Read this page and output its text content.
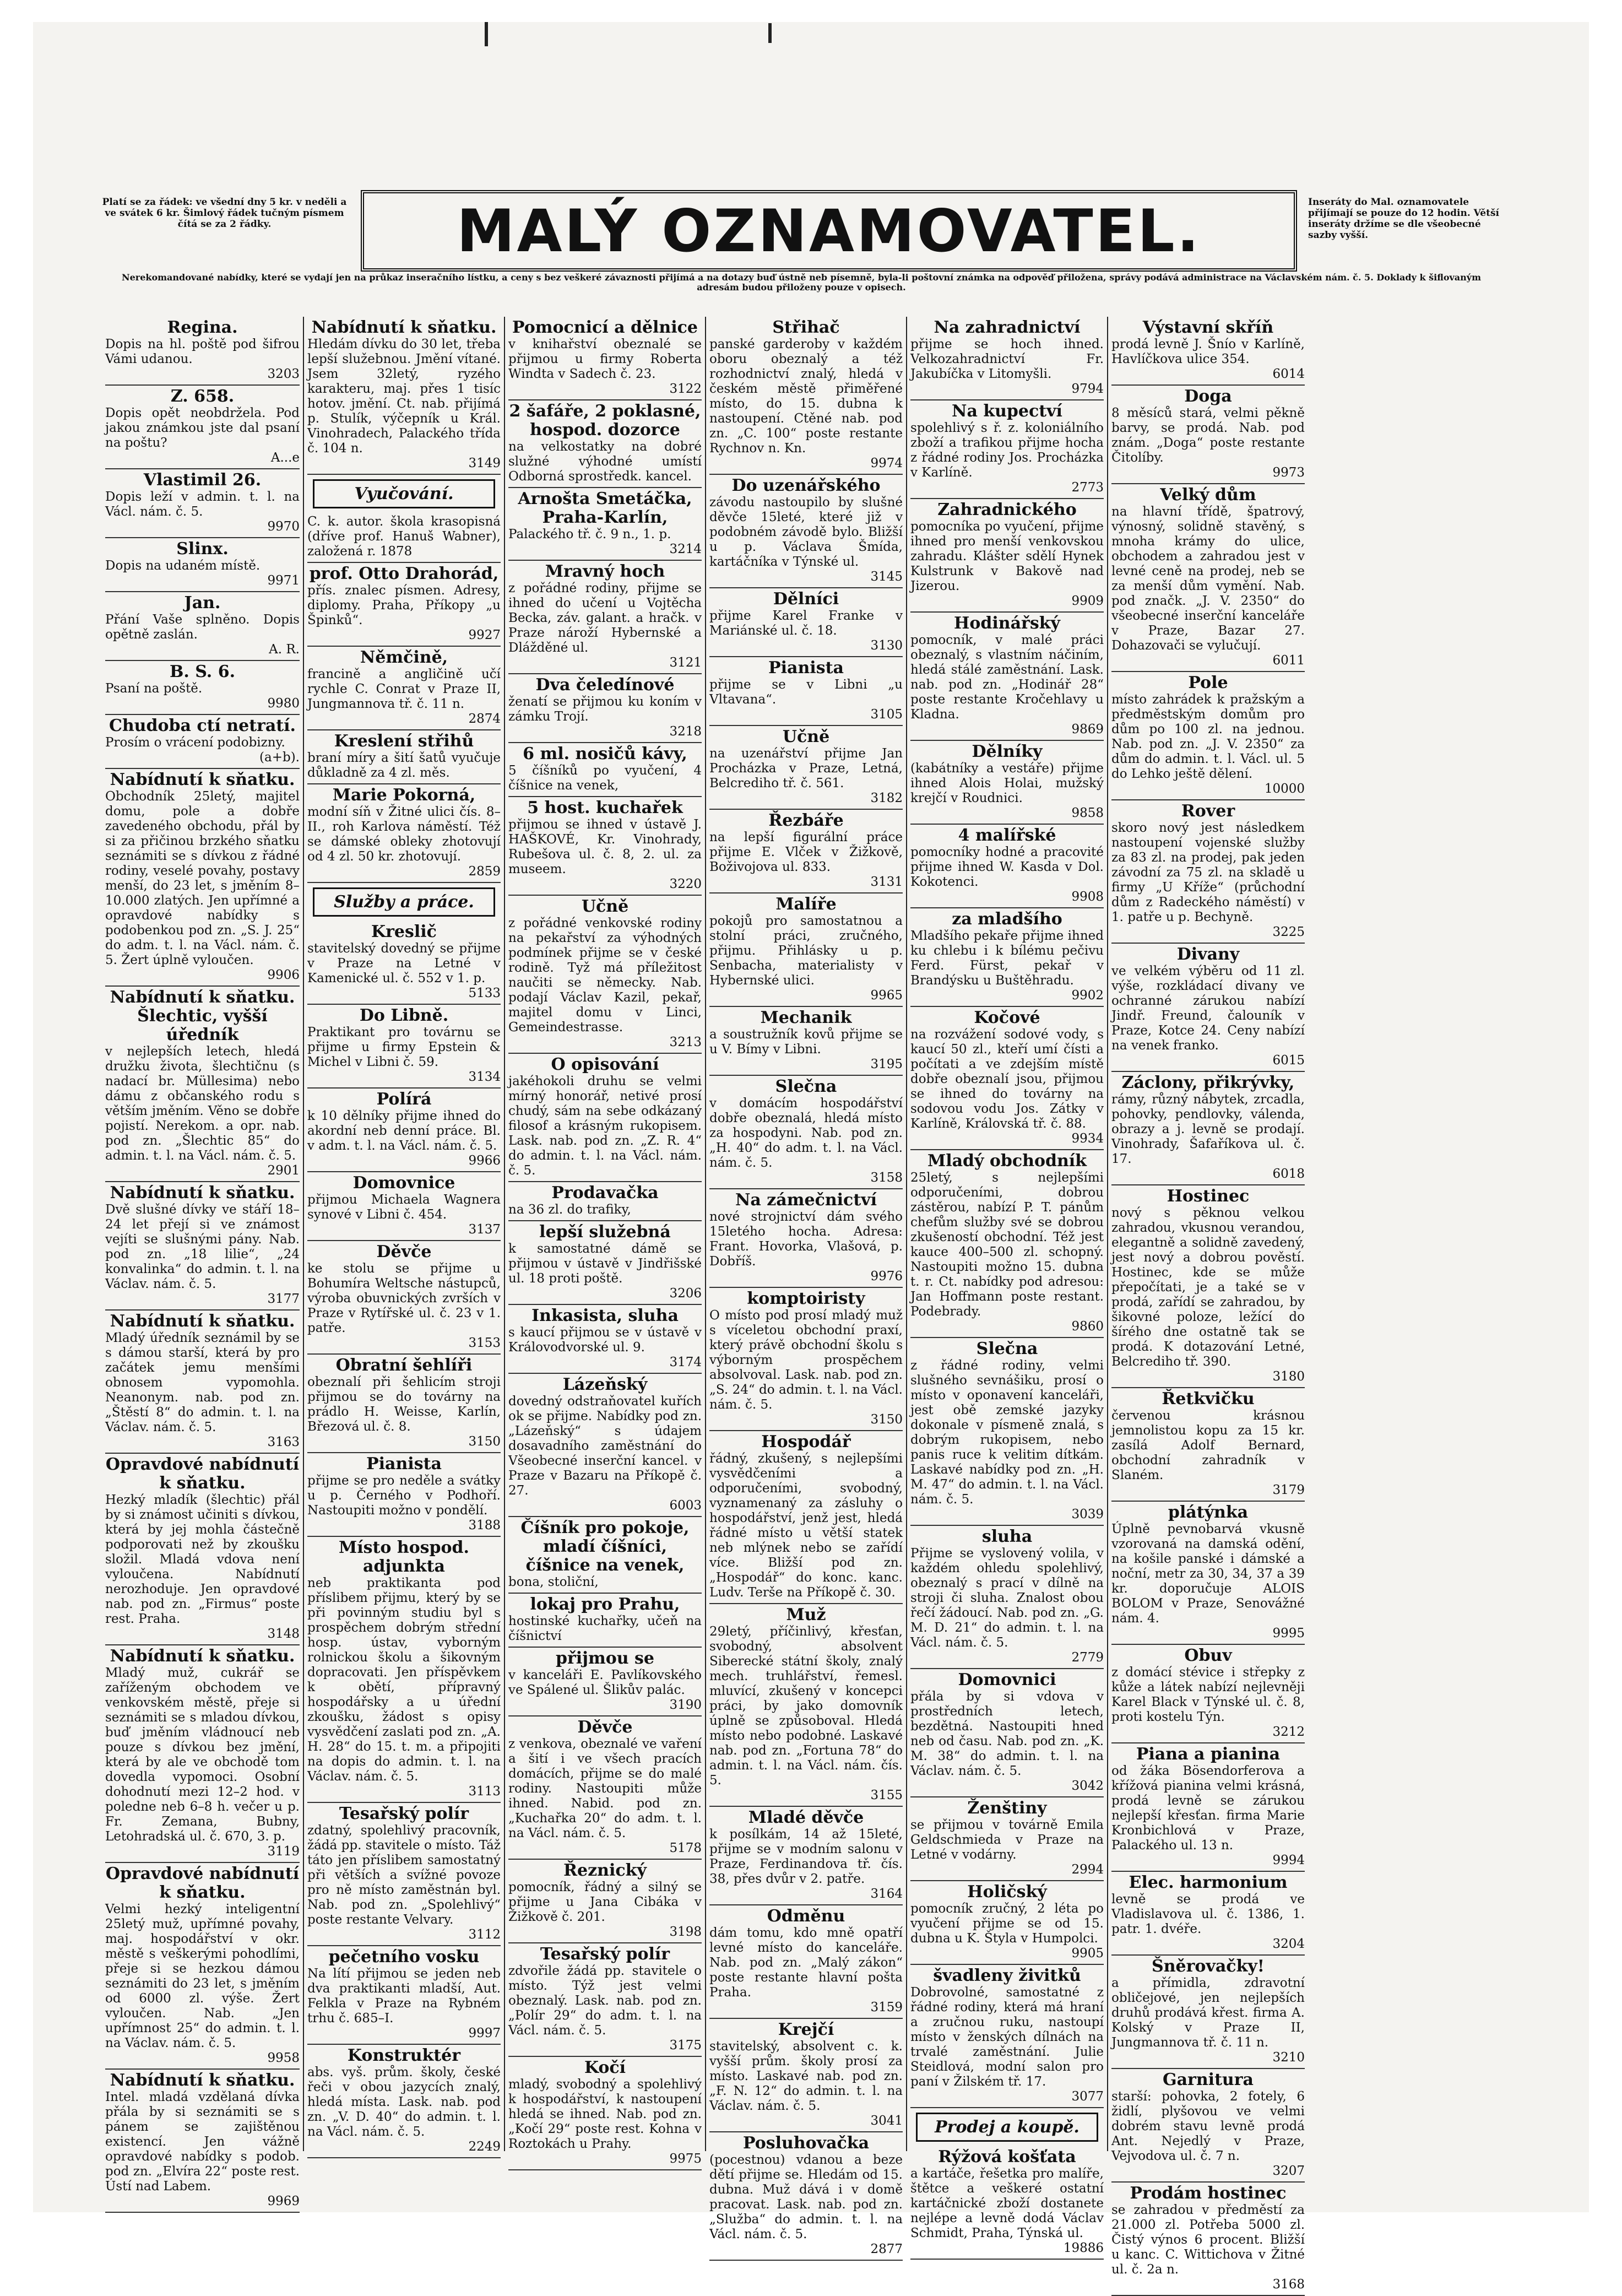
Platí se za řádek: ve všední dny 5 kr. v neděli a ve svátek 6 kr. Šimlový řádek tučným písmem čítá se za 2 řádky.	MALÝ OZNAMOVATEL.	Inseráty do Mal. oznamovatele přijímají se pouze do 12 hodin. Větší inseráty držíme se dle všeobecné sazby vyšší.
Nerekomandované nabídky, které se vydají jen na průkaz inseračního lístku, a ceny s bez veškeré závaznosti přijímá a na dotazy buď ústně neb písemně, byla-li poštovní známka na odpověď přiložena, správy podává administrace na Václavském nám. č. 5. Doklady k šiflovaným adresám budou přiloženy pouze v opisech.
Regina.
Dopis na hl. poště pod šifrou Vámi udanou.
3203
Z. 658.
Dopis opět neobdržela. Pod jakou známkou jste dal psaní na poštu?
A...e
Vlastimil 26.
Dopis leží v admin. t. l. na Václ. nám. č. 5.
9970
Slinx.
Dopis na udaném místě.
9971
Jan.
Přání Vaše splněno. Dopis opětně zaslán.
A. R.
B. S. 6.
Psaní na poště.
9980
Chudoba ctí netratí.
Prosím o vrácení podobizny.
(a+b).
Nabídnutí k sňatku.
Obchodník 25letý, majitel domu, pole a dobře zavedeného obchodu, přál by si za přičinou brzkého sňatku seznámiti se s dívkou z řádné rodiny, veselé povahy, postavy menší, do 23 let, s jměním 8–10.000 zlatých. Jen upřímné a opravdové nabídky s podobenkou pod zn. „S. J. 25“ do adm. t. l. na Václ. nám. č. 5. Žert úplně vyloučen.
9906
Nabídnutí k sňatku. Šlechtic, vyšší úředník
v nejlepších letech, hledá družku života, šlechtičnu (s nadací br. Müllesima) nebo dámu z občanského rodu s větším jměním. Věno se dobře pojistí. Nerekom. a opr. nab. pod zn. „Šlechtic 85“ do admin. t. l. na Václ. nám. č. 5.
2901
Nabídnutí k sňatku.
Dvě slušné dívky ve stáří 18–24 let přejí si ve známost vejíti se slušnými pány. Nab. pod zn. „18 lilie“, „24 konvalinka“ do admin. t. l. na Václav. nám. č. 5.
3177
Nabídnutí k sňatku.
Mladý úředník seznámil by se s dámou starší, která by pro začátek jemu menšími obnosem vypomohla. Neanonym. nab. pod zn. „Štěstí 8“ do admin. t. l. na Václav. nám. č. 5.
3163
Opravdové nabídnutí k sňatku.
Hezký mladík (šlechtic) přál by si známost učiniti s dívkou, která by jej mohla částečně podporovati než by zkoušku složil. Mladá vdova není vyloučena. Nabídnutí nerozhoduje. Jen opravdové nab. pod zn. „Firmus“ poste rest. Praha.
3148
Nabídnutí k sňatku.
Mladý muž, cukrář se zaříženým obchodem ve venkovském městě, přeje si seznámiti se s mladou dívkou, buď jměním vládnoucí neb pouze s dívkou bez jmění, která by ale ve obchodě tom dovedla vypomoci. Osobní dohodnutí mezi 12–2 hod. v poledne neb 6–8 h. večer u p. Fr. Zemana, Bubny, Letohradská ul. č. 670, 3. p.
3119
Opravdové nabídnutí k sňatku.
Velmi hezký inteligentní 25letý muž, upřímné povahy, maj. hospodářství v okr. městě s veškerými pohodlími, přeje si se hezkou dámou seznámiti do 23 let, s jměním od 6000 zl. výše. Žert vyloučen. Nab. „Jen upřímnost 25“ do admin. t. l. na Václav. nám. č. 5.
9958
Nabídnutí k sňatku.
Intel. mladá vzdělaná dívka přála by si seznámiti se s pánem se zajištěnou existencí. Jen vážně opravdové nabídky s podob. pod zn. „Elvíra 22“ poste rest. Ústí nad Labem.
9969
Nabídnutí k sňatku.
Hledám dívku do 30 let, třeba lepší služebnou. Jmění vítané. Jsem 32letý, ryzého karakteru, maj. přes 1 tisíc hotov. jmění. Ct. nab. přijímá p. Stulík, výčepník u Král. Vinohradech, Palackého třída č. 104 n.
3149
Vyučování.
C. k. autor. škola krasopisná (dříve prof. Hanuš Wabner), založená r. 1878
prof. Otto Drahorád,
přís. znalec písmen. Adresy, diplomy. Praha, Příkopy „u Špinků“.
9927
Němčině,
francině a angličině učí rychle C. Conrat v Praze II, Jungmannova tř. č. 11 n.
2874
Kreslení střihů
braní míry a šití šatů vyučuje důkladně za 4 zl. měs.
Marie Pokorná,
modní síň v Žitné ulici čís. 8–II., roh Karlova náměstí. Též se dámské obleky zhotovují od 4 zl. 50 kr. zhotovují.
2859
Služby a práce.
Kreslič
stavitelský dovedný se přijme v Praze na Letné v Kamenické ul. č. 552 v 1. p.
5133
Do Libně.
Praktikant pro továrnu se přijme u firmy Epstein & Michel v Libni č. 59.
3134
Polírá
k 10 dělníky přijme ihned do akordní neb denní práce. Bl. v adm. t. l. na Václ. nám. č. 5.
9966
Domovnice
přijmou Michaela Wagnera synové v Libni č. 454.
3137
Děvče
ke stolu se přijme u Bohumíra Weltsche nástupců, výroba obuvnických zvrších v Praze v Rytířské ul. č. 23 v 1. patře.
3153
Obratní šehlíři
obeznalí při šehlicím stroji přijmou se do továrny na prádlo H. Weisse, Karlín, Březová ul. č. 8.
3150
Pianista
přijme se pro neděle a svátky u p. Černého v Podhoří. Nastoupiti možno v pondělí.
3188
Místo hospod. adjunkta
neb praktikanta pod příslibem přijmu, který by se při povinným studiu byl s prospěchem dobrým střední hosp. ústav, vyborným rolnickou školu a šikovným dopracovati. Jen příspěvkem k obětí, přípravný hospodářsky a u úřední zkoušku, žádost s opisy vysvědčení zaslati pod zn. „A. H. 28“ do 15. t. m. a připojiti na dopis do admin. t. l. na Václav. nám. č. 5.
3113
Tesařský polír
zdatný, spolehlivý pracovník, žádá pp. stavitele o místo. Táž táto jen příslibem samostatný při větších a svížné povoze pro ně místo zaměstnán byl. Nab. pod zn. „Spolehlivý“ poste restante Velvary.
3112
pečetního vosku
Na lítí přijmou se jeden neb dva praktikanti mladší, Aut. Felkla v Praze na Rybném trhu č. 685–I.
9997
Konstruktér
abs. vyš. prům. školy, české řeči v obou jazycích znalý, hledá místa. Lask. nab. pod zn. „V. D. 40“ do admin. t. l. na Václ. nám. č. 5.
2249
Pomocnicí a dělnice
v knihařství obeznalé se přijmou u firmy Roberta Windta v Sadech č. 23.
3122
2 šafáře, 2 poklasné, hospod. dozorce
na velkostatky na dobré služné výhodné umístí Odborná sprostředk. kancel.
Arnošta Smetáčka, Praha-Karlín,
Palackého tř. č. 9 n., 1. p.
3214
Mravný hoch
z pořádné rodiny, přijme se ihned do učení u Vojtěcha Becka, záv. galant. a hračk. v Praze nároží Hybernské a Dlážděné ul.
3121
Dva čeledínové
ženatí se přijmou ku koním v zámku Trojí.
3218
6 ml. nosičů kávy,
5 číšníků po vyučení, 4 číšnice na venek,
5 host. kuchařek
přijmou se ihned v ústavě J. HAŠKOVÉ, Kr. Vinohrady, Rubešova ul. č. 8, 2. ul. za museem.
3220
Učně
z pořádné venkovské rodiny na pekařství za výhodných podmínek přijme se v české rodině. Tyž má příležitost naučiti se německy. Nab. podají Václav Kazil, pekař, majitel domu v Linci, Gemeindestrasse.
3213
O opisování
jakéhokoli druhu se velmi mírný honorář, netivé prosí chudý, sám na sebe odkázaný filosof a krásným rukopisem. Lask. nab. pod zn. „Z. R. 4“ do admin. t. l. na Václ. nám. č. 5.
Prodavačka
na 36 zl. do trafiky,
lepší služebná
k samostatné dámě se přijmou v ústavě v Jindřišské ul. 18 proti poště.
3206
Inkasista, sluha
s kaucí přijmou se v ústavě v Královodvorské ul. 9.
3174
Lázeňský
dovedný odstraňovatel kuřích ok se přijme. Nabídky pod zn. „Lázeňský“ s údajem dosavadního zaměstnání do Všeobecné inserční kancel. v Praze v Bazaru na Příkopě č. 27.
6003
Číšník pro pokoje, mladí číšníci, číšnice na venek,
bona, stoliční,
lokaj pro Prahu,
hostinské kuchařky, učeň na číšnictví
přijmou se
v kanceláři E. Pavlíkovského ve Spálené ul. Šlikův palác.
3190
Děvče
z venkova, obeznalé ve vaření a šití i ve všech pracích domácích, přijme se do malé rodiny. Nastoupiti může ihned. Nabid. pod zn. „Kuchařka 20“ do adm. t. l. na Václ. nám. č. 5.
5178
Řeznický
pomocník, řádný a silný se přijme u Jana Cibáka v Žižkově č. 201.
3198
Tesařský polír
zdvořile žádá pp. stavitele o místo. Týž jest velmi obeznalý. Lask. nab. pod zn. „Polír 29“ do adm. t. l. na Václ. nám. č. 5.
3175
Kočí
mladý, svobodný a spolehlivý k hospodářství, k nastoupení hledá se ihned. Nab. pod zn. „Kočí 29“ poste rest. Kohna v Roztokách u Prahy.
9975
Střihač
panské garderoby v každém oboru obeznalý a též rozhodnictví znalý, hledá v českém městě přiměřené místo, do 15. dubna k nastoupení. Ctěné nab. pod zn. „C. 100“ poste restante Rychnov n. Kn.
9974
Do uzenářského
závodu nastoupilo by slušné děvče 15leté, které již v podobném závodě bylo. Bližší u p. Václava Šmída, kartáčníka v Týnské ul.
3145
Dělníci
přijme Karel Franke v Mariánské ul. č. 18.
3130
Pianista
přijme se v Libni „u Vltavana“.
3105
Učně
na uzenářství přijme Jan Procházka v Praze, Letná, Belcrediho tř. č. 561.
3182
Řezbáře
na lepší figurální práce přijme E. Vlček v Žižkově, Boživojova ul. 833.
3131
Malíře
pokojů pro samostatnou a stolní práci, zručného, přijmu. Přihlásky u p. Senbacha, materialisty v Hybernské ulici.
9965
Mechanik
a soustružník kovů přijme se u V. Bímy v Libni.
3195
Slečna
v domácím hospodářství dobře obeznalá, hledá místo za hospodyni. Nab. pod zn. „H. 40“ do adm. t. l. na Václ. nám. č. 5.
3158
Na zámečnictví
nové strojnictví dám svého 15letého hocha. Adresa: Frant. Hovorka, Vlašová, p. Dobříš.
9976
komptoiristy
O místo pod prosí mladý muž s víceletou obchodní praxí, který právě obchodní školu s výborným prospěchem absolvoval. Lask. nab. pod zn. „S. 24“ do admin. t. l. na Václ. nám. č. 5.
3150
Hospodář
řádný, zkušený, s nejlepšími vysvědčeními a odporučeními, svobodný, vyznamenaný za zásluhy o hospodářství, jenž jest, hledá řádné místo u větší statek neb mlýnek nebo se zařídí více. Bližší pod zn. „Hospodář“ do konc. kanc. Ludv. Terše na Příkopě č. 30.
Muž
29letý, příčinlivý, křesťan, svobodný, absolvent Siberecké státní školy, znalý mech. truhlářství, řemesl. mluvící, zkušený v koncepci práci, by jako domovník úplně se způsoboval. Hledá místo nebo podobné. Laskavé nab. pod zn. „Fortuna 78“ do admin. t. l. na Václ. nám. čís. 5.
3155
Mladé děvče
k posílkám, 14 až 15leté, přijme se v modním salonu v Praze, Ferdinandova tř. čís. 38, přes dvůr v 2. patře.
3164
Odměnu
dám tomu, kdo mně opatří levné místo do kanceláře. Nab. pod zn. „Malý zákon“ poste restante hlavní pošta Praha.
3159
Krejčí
stavitelský, absolvent c. k. vyšší prům. školy prosí za místo. Laskavé nab. pod zn. „F. N. 12“ do admin. t. l. na Václav. nám. č. 5.
3041
Posluhovačka
(pocestnou) vdanou a beze dětí přijme se. Hledám od 15. dubna. Muž dává i v domě pracovat. Lask. nab. pod zn. „Služba“ do admin. t. l. na Václ. nám. č. 5.
2877
Na zahradnictví
přijme se hoch ihned. Velkozahradnictví Fr. Jakubíčka v Litomyšli.
9794
Na kupectví
spolehlivý s ř. z. koloniálního zboží a trafikou přijme hocha z řádné rodiny Jos. Procházka v Karlíně.
2773
Zahradnického
pomocníka po vyučení, přijme ihned pro menší venkovskou zahradu. Klášter sdělí Hynek Kulstrunk v Bakově nad Jizerou.
9909
Hodinářský
pomocník, v malé práci obeznalý, s vlastním náčiním, hledá stálé zaměstnání. Lask. nab. pod zn. „Hodinář 28“ poste restante Kročehlavy u Kladna.
9869
Dělníky
(kabátníky a vestáře) přijme ihned Alois Holai, mužský krejčí v Roudnici.
9858
4 malířské
pomocníky hodné a pracovité přijme ihned W. Kasda v Dol. Kokotenci.
9908
za mladšího
Mladšího pekaře přijme ihned ku chlebu i k bílému pečivu Ferd. Fürst, pekař v Brandýsku u Buštěhradu.
9902
Kočové
na rozvážení sodové vody, s kaucí 50 zl., kteří umí čísti a počítati a ve zdejším místě dobře obeznalí jsou, přijmou se ihned do továrny na sodovou vodu Jos. Zátky v Karlíně, Královská tř. č. 88.
9934
Mladý obchodník
25letý, s nejlepšími odporučeními, dobrou zástěrou, nabízí P. T. pánům chefům služby své se dobrou zkušeností obchodní. Též jest kauce 400–500 zl. schopný. Nastoupiti možno 15. dubna t. r. Ct. nabídky pod adresou: Jan Hoffmann poste restant. Podebrady.
9860
Slečna
z řádné rodiny, velmi slušného sevnášiku, prosí o místo v oponavení kanceláři, jest obě zemské jazyky dokonale v písmeně znalá, s dobrým rukopisem, nebo panis ruce k velitim dítkám. Laskavé nabídky pod zn. „H. M. 47“ do admin. t. l. na Václ. nám. č. 5.
3039
sluha
Přijme se vyslovený volila, v každém ohledu spolehlivý, obeznalý s prací v dílně na stroji či sluha. Znalost obou řečí žádoucí. Nab. pod zn. „G. M. D. 21“ do admin. t. l. na Václ. nám. č. 5.
2779
Domovnici
přála by si vdova v prostředních letech, bezdětná. Nastoupiti hned neb od času. Nab. pod zn. „K. M. 38“ do admin. t. l. na Václav. nám. č. 5.
3042
Ženštiny
se přijmou v továrně Emila Geldschmieda v Praze na Letné v vodárny.
2994
Holičský
pomocník zručný, 2 léta po vyučení přijme se od 15. dubna u K. Štyla v Humpolci.
9905
švadleny živitků
Dobrovolné, samostatné z řádné rodiny, která má hraní a zručnou ruku, nastoupí místo v ženských dílnách na trvalé zaměstnání. Julie Steidlová, modní salon pro paní v Žilském tř. 17.
3077
Prodej a koupě.
Rýžová košťata
a kartáče, řešetka pro malíře, štětce a veškeré ostatní kartáčnické zboží dostanete nejlépe a levně dodá Václav Schmidt, Praha, Týnská ul.
19886
Výstavní skříň
prodá levně J. Šnío v Karlíně, Havlíčkova ulice 354.
6014
Doga
8 měsíců stará, velmi pěkně barvy, se prodá. Nab. pod znám. „Doga“ poste restante Čitolíby.
9973
Velký dům
na hlavní třídě, špatrový, výnosný, solidně stavěný, s mnoha krámy do ulice, obchodem a zahradou jest v levné ceně na prodej, neb se za menší dům vymění. Nab. pod značk. „J. V. 2350“ do všeobecné inserční kanceláře v Praze, Bazar 27. Dohazovači se vylučují.
6011
Pole
místo zahrádek k pražským a předměstským domům pro dům po 100 zl. na jednou. Nab. pod zn. „J. V. 2350“ za dům do admin. t. l. Václ. ul. 5 do Lehko ještě dělení.
10000
Rover
skoro nový jest následkem nastoupení vojenské služby za 83 zl. na prodej, pak jeden závodní za 75 zl. na skladě u firmy „U Kříže“ (průchodní dům z Radeckého náměstí) v 1. patře u p. Bechyně.
3225
Divany
ve velkém výběru od 11 zl. výše, rozkládací divany ve ochranné zárukou nabízí Jindř. Freund, čalouník v Praze, Kotce 24. Ceny nabízí na venek franko.
6015
Záclony, přikrývky,
rámy, různý nábytek, zrcadla, pohovky, pendlovky, válenda, obrazy a j. levně se prodají. Vinohrady, Šafaříkova ul. č. 17.
6018
Hostinec
nový s pěknou velkou zahradou, vkusnou verandou, elegantně a solidně zavedený, jest nový a dobrou pověstí. Hostinec, kde se může přepočítati, je a také se v prodá, zařídí se zahradou, by šikovné poloze, ležící do šírého dne ostatně tak se prodá. K dotazování Letné, Belcrediho tř. 390.
3180
Řetkvičku
červenou krásnou jemnolistou kopu za 15 kr. zasílá Adolf Bernard, obchodní zahradník v Slaném.
3179
plátýnka
Úplně pevnobarvá vkusně vzorovaná na damská odění, na košile panské i dámské a noční, metr za 30, 34, 37 a 39 kr. doporučuje ALOIS BOLOM v Praze, Senovážné nám. 4.
9995
Obuv
z domácí stévice i střepky z kůže a látek nabízí nejlevněji Karel Black v Týnské ul. č. 8, proti kostelu Týn.
3212
Piana a pianina
od žáka Bösendorferova a křížová pianina velmi krásná, prodá levně se zárukou nejlepší křesťan. firma Marie Kronbichlová v Praze, Palackého ul. 13 n.
9994
Elec. harmonium
levně se prodá ve Vladislavova ul. č. 1386, 1. patr. 1. dvéře.
3204
Šněrovačky!
a přímidla, zdravotní obličejové, jen nejlepších druhů prodává křest. firma A. Kolský v Praze II, Jungmannova tř. č. 11 n.
3210
Garnitura
starší: pohovka, 2 fotely, 6 židlí, plyšovou ve velmi dobrém stavu levně prodá Ant. Nejedlý v Praze, Vejvodova ul. č. 7 n.
3207
Prodám hostinec
se zahradou v předměstí za 21.000 zl. Potřeba 5000 zl. Čistý výnos 6 procent. Bližší u kanc. C. Wittichova v Žitné ul. č. 2a n.
3168
